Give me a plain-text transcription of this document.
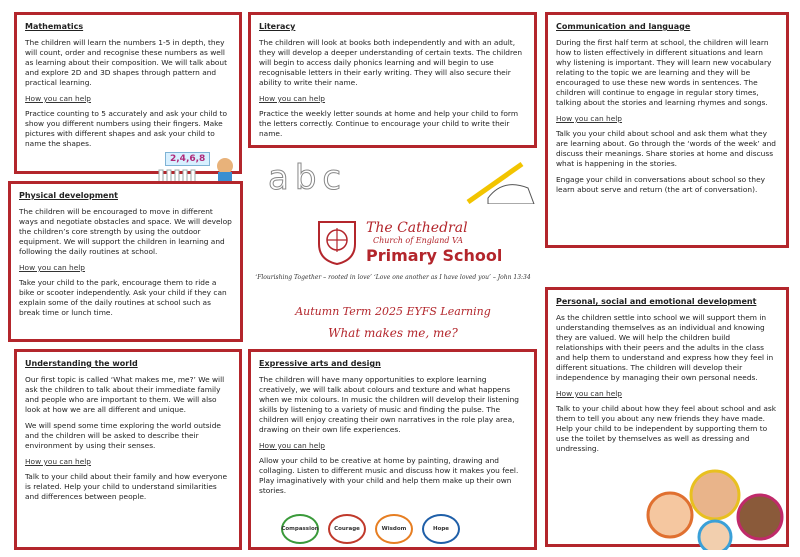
Mathematics

The children will learn the numbers 1-5 in depth, they will count, order and recognise these numbers as well as learning about their composition. We will talk about and explore 2D and 3D shapes through pattern and practical learning.

How you can help

Practice counting to 5 accurately and ask your child to show you different numbers using their fingers. Make pictures with different shapes and ask your child to name the shapes.

2,4,6,8
Literacy

The children will look at books both independently and with an adult, they will develop a deeper understanding of certain texts. The children will begin to access daily phonics learning and will begin to use recognisable letters in their early writing. They will also secure their ability to write their name.

How you can help

Practice the weekly letter sounds at home and help your child to form the letters correctly. Continue to encourage your child to write their name.

abc
Communication and language

During the first half term at school, the children will learn how to listen effectively in different situations and learn why listening is important. They will learn new vocabulary relating to the topic we are learning and they will be encouraged to use these new words in sentences. The children will continue to engage in regular story times, talking about the stories and learning rhymes and songs.

How you can help

Talk you your child about school and ask them what they are learning about. Go through the ‘words of the week’ and discuss their meanings. Share stories at home and discuss what is happening in the stories.

Engage your child in conversations about school so they learn about serve and return (the art of conversation).

Physical development

The children will be encouraged to move in different ways and negotiate obstacles and space. We will develop the children’s core strength by using the outdoor equipment. We will support the children in learning and following the daily routines at school.

How you can help

Take your child to the park, encourage them to ride a bike or scooter independently. Ask your child if they can explain some of the daily routines at school such as break time or lunch time.

The Cathedral
Church of England VA
Primary School
‘Flourishing Together – rooted in love’ ‘Love one another as I have loved you’ – John 13:34
Autumn Term 2025 EYFS Learning
What makes me, me?
Personal, social and emotional development

As the children settle into school we will support them in understanding themselves as an individual and knowing they are valued. We will help the children build relationships with their peers and the adults in the class and help them to understand and express how they feel in different situations. The children will develop their independence by managing their own personal needs.

How you can help

Talk to your child about how they feel about school and ask them to tell you about any new friends they have made. Help your child to be independent by supporting them to use the toilet by themselves as well as dressing and undressing.

Understanding the world

Our first topic is called ‘What makes me, me?’ We will ask the children to talk about their immediate family and people who are important to them. We will also look at how we are all different and unique.

We will spend some time exploring the world outside and the children will be asked to describe their environment by using their senses.

How you can help

Talk to your child about their family and how everyone is related. Help your child to understand similarities and differences between people.

Expressive arts and design

The children will have many opportunities to explore learning creatively, we will talk about colours and texture and what happens when we mix colours. In music the children will develop their listening skills by listening to a variety of music and finding the pulse. The children will enjoy creating their own narratives in the role play area, drawing on their own life experiences.

How you can help

Allow your child to be creative at home by painting, drawing and collaging. Listen to different music and discuss how it makes you feel. Play imaginatively with your child and help them make up their own stories.

Compassion	Courage	Wisdom	Hope
